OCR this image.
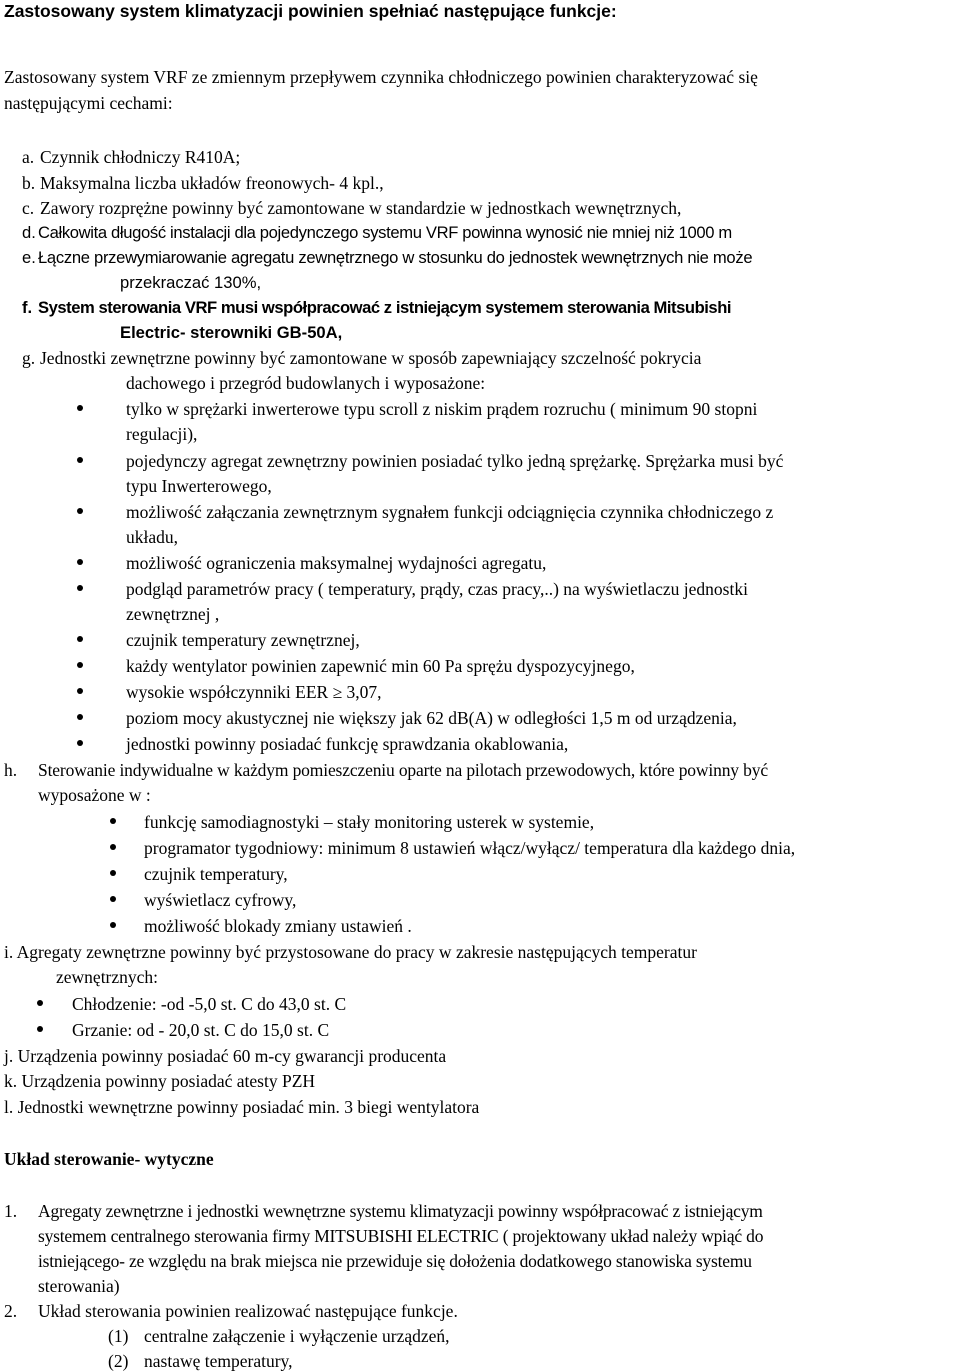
Zastosowany system klimatyzacji powinien spełniać następujące funkcje:
Zastosowany system VRF ze zmiennym przepływem czynnika chłodniczego powinien charakteryzować się
następującymi cechami:
a. Czynnik chłodniczy R410A;
b. Maksymalna liczba układów freonowych- 4 kpl.,
c. Zawory rozprężne powinny być zamontowane w standardzie w jednostkach wewnętrznych,
d. Całkowita długość instalacji dla pojedynczego systemu VRF powinna wynosić nie mniej niż 1000 m
e. Łączne przewymiarowanie agregatu zewnętrznego w stosunku do jednostek wewnętrznych nie może
przekraczać 130%,
f. System sterowania VRF musi współpracować z istniejącym systemem sterowania Mitsubishi
Electric- sterowniki GB-50A,
g. Jednostki zewnętrzne powinny być zamontowane w sposób zapewniający szczelność pokrycia
dachowego i przegród budowlanych i wyposażone:
tylko w sprężarki inwerterowe typu scroll z niskim prądem rozruchu ( minimum 90 stopni
regulacji),
pojedynczy agregat zewnętrzny powinien posiadać tylko jedną sprężarkę. Sprężarka musi być
typu Inwerterowego,
możliwość załączania zewnętrznym sygnałem funkcji odciągnięcia czynnika chłodniczego z
układu,
możliwość ograniczenia maksymalnej wydajności agregatu,
podgląd parametrów pracy ( temperatury, prądy, czas pracy,..) na wyświetlaczu jednostki
zewnętrznej ,
czujnik temperatury zewnętrznej,
każdy wentylator powinien zapewnić min 60 Pa sprężu dyspozycyjnego,
wysokie współczynniki EER ≥ 3,07,
poziom mocy akustycznej nie większy jak 62 dB(A) w odległości 1,5 m od urządzenia,
jednostki powinny posiadać funkcję sprawdzania okablowania,
h. Sterowanie indywidualne w każdym pomieszczeniu oparte na pilotach przewodowych, które powinny być
wyposażone w :
funkcję samodiagnostyki – stały monitoring usterek w systemie,
programator tygodniowy: minimum 8 ustawień włącz/wyłącz/ temperatura dla każdego dnia,
czujnik temperatury,
wyświetlacz cyfrowy,
możliwość blokady zmiany ustawień .
i. Agregaty zewnętrzne powinny być przystosowane do pracy w zakresie następujących temperatur
zewnętrznych:
Chłodzenie: -od -5,0 st. C do 43,0 st. C
Grzanie: od - 20,0 st. C do 15,0 st. C
j. Urządzenia powinny posiadać 60 m-cy gwarancji producenta
k. Urządzenia powinny posiadać atesty PZH
l. Jednostki wewnętrzne powinny posiadać min. 3 biegi wentylatora
Układ sterowanie- wytyczne
1. Agregaty zewnętrzne i jednostki wewnętrzne systemu klimatyzacji powinny współpracować z istniejącym
systemem centralnego sterowania firmy MITSUBISHI ELECTRIC ( projektowany układ należy wpiąć do
istniejącego- ze względu na brak miejsca nie przewiduje się dołożenia dodatkowego stanowiska systemu
sterowania)
2. Układ sterowania powinien realizować następujące funkcje.
(1) centralne załączenie i wyłączenie urządzeń,
(2) nastawę temperatury,
